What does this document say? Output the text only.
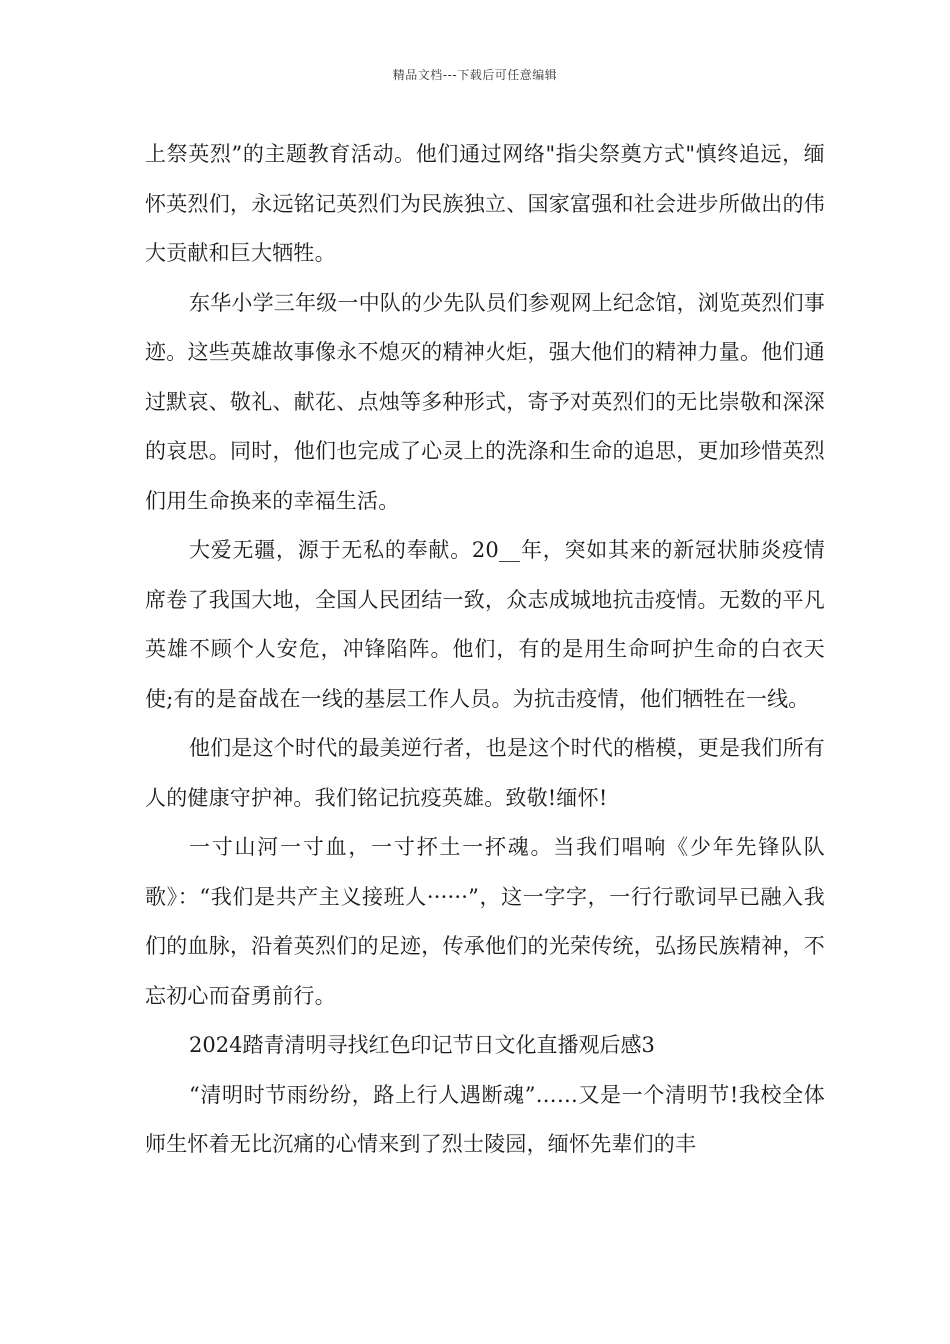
精品文档---下载后可任意编辑

上祭英烈”的主题教育活动。他们通过网络"指尖祭奠方式"慎终追远，缅怀英烈们，永远铭记英烈们为民族独立、国家富强和社会进步所做出的伟大贡献和巨大牺牲。

东华小学三年级一中队的少先队员们参观网上纪念馆，浏览英烈们事迹。这些英雄故事像永不熄灭的精神火炬，强大他们的精神力量。他们通过默哀、敬礼、献花、点烛等多种形式，寄予对英烈们的无比崇敬和深深的哀思。同时，他们也完成了心灵上的洗涤和生命的追思，更加珍惜英烈们用生命换来的幸福生活。

大爱无疆，源于无私的奉献。20__年，突如其来的新冠状肺炎疫情席卷了我国大地，全国人民团结一致，众志成城地抗击疫情。无数的平凡英雄不顾个人安危，冲锋陷阵。他们，有的是用生命呵护生命的白衣天使;有的是奋战在一线的基层工作人员。为抗击疫情，他们牺牲在一线。

他们是这个时代的最美逆行者，也是这个时代的楷模，更是我们所有人的健康守护神。我们铭记抗疫英雄。致敬!缅怀!

一寸山河一寸血，一寸抔土一抔魂。当我们唱响《少年先锋队队歌》：“我们是共产主义接班人······”，这一字字，一行行歌词早已融入我们的血脉，沿着英烈们的足迹，传承他们的光荣传统，弘扬民族精神，不忘初心而奋勇前行。

2024踏青清明寻找红色印记节日文化直播观后感3

“清明时节雨纷纷，路上行人遇断魂”……又是一个清明节!我校全体师生怀着无比沉痛的心情来到了烈士陵园，缅怀先辈们的丰
